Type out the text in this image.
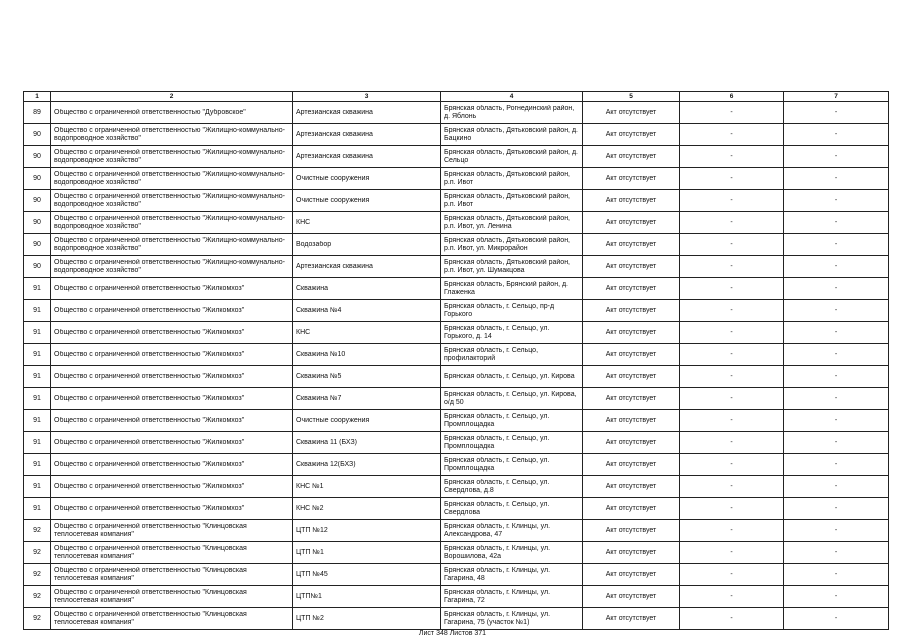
1	2	3	4	5	6	7

89	Общество с ограниченной ответственностью "Дубровское"	Артезианская скважина	Брянская область, Рогнединский район, д. Яблонь	Акт отсутствует	-	-

90	Общество с ограниченной ответственностью "Жилищно-коммунально-водопроводное хозяйство"	Артезианская скважина	Брянская область, Дятьковский район, д. Бацкино	Акт отсутствует	-	-

90	Общество с ограниченной ответственностью "Жилищно-коммунально-водопроводное хозяйство"	Артезианская скважина	Брянская область, Дятьковский район, д. Сельцо	Акт отсутствует	-	-

90	Общество с ограниченной ответственностью "Жилищно-коммунально-водопроводное хозяйство"	Очистные сооружения	Брянская область, Дятьковский район, р.п. Ивот	Акт отсутствует	-	-

90	Общество с ограниченной ответственностью "Жилищно-коммунально-водопроводное хозяйство"	Очистные сооружения	Брянская область, Дятьковский район, р.п. Ивот	Акт отсутствует	-	-

90	Общество с ограниченной ответственностью "Жилищно-коммунально-водопроводное хозяйство"	КНС	Брянская область, Дятьковский район, р.п. Ивот, ул. Ленина	Акт отсутствует	-	-

90	Общество с ограниченной ответственностью "Жилищно-коммунально-водопроводное хозяйство"	Водозабор	Брянская область, Дятьковский район, р.п. Ивот, ул. Микрорайон	Акт отсутствует	-	-

90	Общество с ограниченной ответственностью "Жилищно-коммунально-водопроводное хозяйство"	Артезианская скважина	Брянская область, Дятьковский район, р.п. Ивот, ул. Шумакцова	Акт отсутствует	-	-

91	Общество с ограниченной ответственностью "Жилкомхоз"	Скважина	Брянская область, Брянский район, д. Глаженка	Акт отсутствует	-	-

91	Общество с ограниченной ответственностью "Жилкомхоз"	Скважина №4	Брянская область, г. Сельцо, пр-д Горького	Акт отсутствует	-	-

91	Общество с ограниченной ответственностью "Жилкомхоз"	КНС	Брянская область, г. Сельцо, ул. Горького, д. 14	Акт отсутствует	-	-

91	Общество с ограниченной ответственностью "Жилкомхоз"	Скважина №10	Брянская область, г. Сельцо, профилакторий	Акт отсутствует	-	-

91	Общество с ограниченной ответственностью "Жилкомхоз"	Скважина №5	Брянская область, г. Сельцо, ул. Кирова	Акт отсутствует	-	-

91	Общество с ограниченной ответственностью "Жилкомхоз"	Скважина №7	Брянская область, г. Сельцо, ул. Кирова, о/д 50	Акт отсутствует	-	-

91	Общество с ограниченной ответственностью "Жилкомхоз"	Очистные сооружения	Брянская область, г. Сельцо, ул. Промплощадка	Акт отсутствует	-	-

91	Общество с ограниченной ответственностью "Жилкомхоз"	Скважина 11 (БХЗ)	Брянская область, г. Сельцо, ул. Промплощадка	Акт отсутствует	-	-

91	Общество с ограниченной ответственностью "Жилкомхоз"	Скважина 12(БХЗ)	Брянская область, г. Сельцо, ул. Промплощадка	Акт отсутствует	-	-

91	Общество с ограниченной ответственностью "Жилкомхоз"	КНС №1	Брянская область, г. Сельцо, ул. Свердлова, д.8	Акт отсутствует	-	-

91	Общество с ограниченной ответственностью "Жилкомхоз"	КНС №2	Брянская область, г. Сельцо, ул. Свердлова	Акт отсутствует	-	-

92	Общество с ограниченной ответственностью "Клинцовская теплосетевая компания"	ЦТП №12	Брянская область, г. Клинцы, ул. Александрова, 47	Акт отсутствует	-	-

92	Общество с ограниченной ответственностью "Клинцовская теплосетевая компания"	ЦТП №1	Брянская область, г. Клинцы, ул. Ворошилова, 42а	Акт отсутствует	-	-

92	Общество с ограниченной ответственностью "Клинцовская теплосетевая компания"	ЦТП №45	Брянская область, г. Клинцы, ул. Гагарина, 48	Акт отсутствует	-	-

92	Общество с ограниченной ответственностью "Клинцовская теплосетевая компания"	ЦТП№1	Брянская область, г. Клинцы, ул. Гагарина, 72	Акт отсутствует	-	-

92	Общество с ограниченной ответственностью "Клинцовская теплосетевая компания"	ЦТП №2	Брянская область, г. Клинцы, ул. Гагарина, 75 (участок №1)	Акт отсутствует	-	-
Лист 348 Листов 371
